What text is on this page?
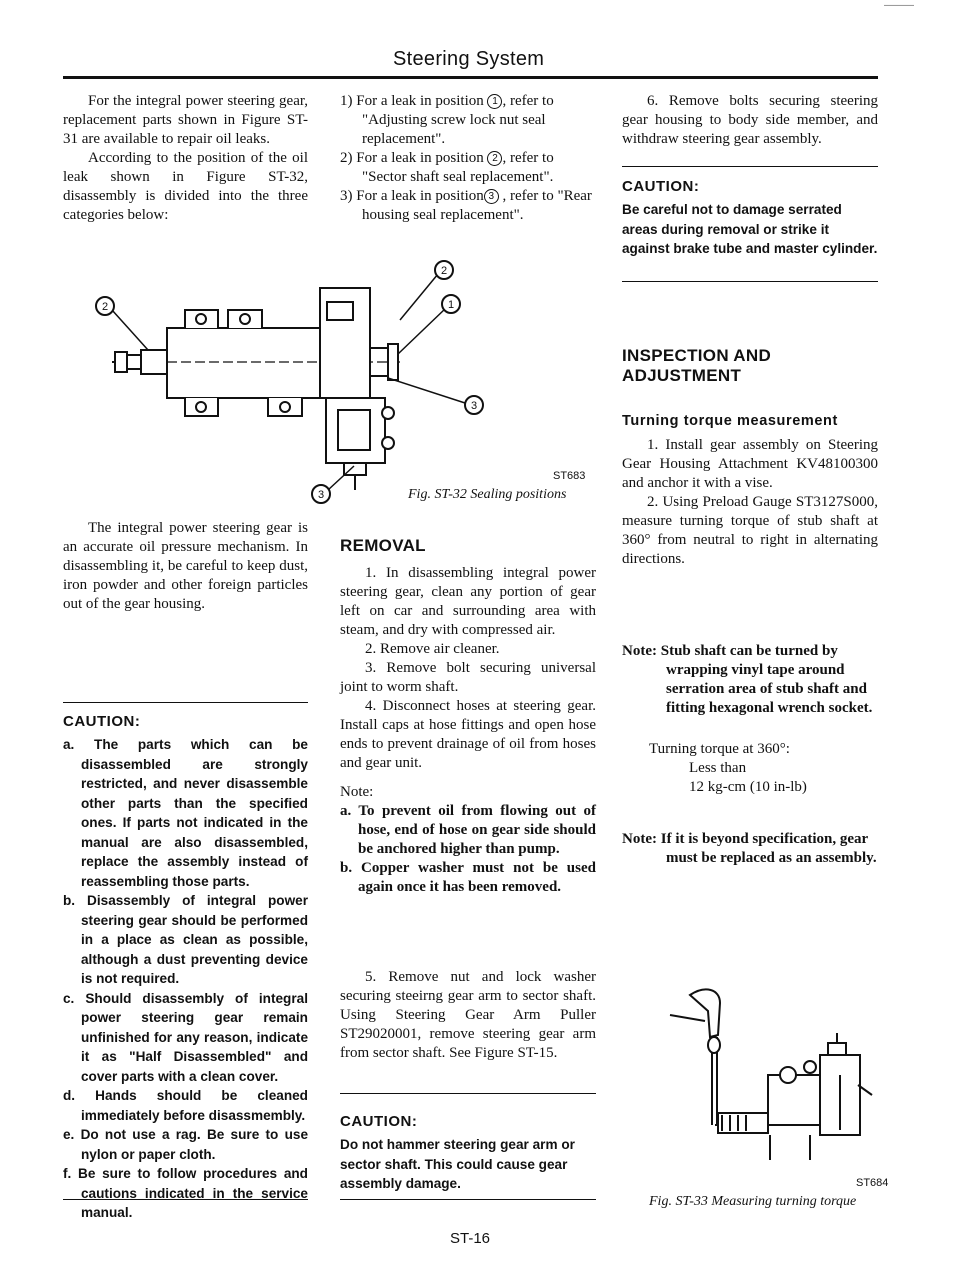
Steering System
———

For the integral power steering gear, replacement parts shown in Figure ST-31 are available to repair oil leaks.

According to the position of the oil leak shown in Figure ST-32, disassembly is divided into the three categories below:

The integral power steering gear is an accurate oil pressure mechanism. In disassembling it, be careful to keep dust, iron powder and other foreign particles out of the gear housing.

CAUTION:

a. The parts which can be disassembled are strongly restricted, and never disassemble other parts than the specified ones. If parts not indicated in the manual are also disassembled, replace the assembly instead of reassembling those parts.

b. Disassembly of integral power steering gear should be performed in a place as clean as possible, although a dust preventing device is not required.

c. Should disassembly of integral power steering gear remain unfinished for any reason, indicate it as "Half Disassembled" and cover parts with a clean cover.

d. Hands should be cleaned immediately before disassmembly.

e. Do not use a rag. Be sure to use nylon or paper cloth.

f. Be sure to follow procedures and cautions indicated in the service manual.

2
2
1
3
3

1) For a leak in position 1 , refer to "Adjusting screw lock nut seal replacement".

2) For a leak in position 2 , refer to "Sector shaft seal replacement".

3) For a leak in position 3 , refer to "Rear housing seal replacement".

ST683
Fig. ST-32 Sealing positions
REMOVAL

1. In disassembling integral power steering gear, clean any portion of gear left on car and surrounding area with steam, and dry with compressed air.

2. Remove air cleaner.

3. Remove bolt securing universal joint to worm shaft.

4. Disconnect hoses at steering gear. Install caps at hose fittings and open hose ends to prevent drainage of oil from hoses and gear unit.

Note:

a. To prevent oil from flowing out of hose, end of hose on gear side should be anchored higher than pump.

b. Copper washer must not be used again once it has been removed.

5. Remove nut and lock washer securing steeirng gear arm to sector shaft. Using Steering Gear Arm Puller ST29020001, remove steering gear arm from sector shaft. See Figure ST-15.

CAUTION:
Do not hammer steering gear arm or sector shaft. This could cause gear assembly damage.

6. Remove bolts securing steering gear housing to body side member, and withdraw steering gear assembly.

CAUTION:
Be careful not to damage serrated areas during removal or strike it against brake tube and master cylinder.
INSPECTION AND
ADJUSTMENT
Turning torque measurement

1. Install gear assembly on Steering Gear Housing Attachment KV48100300 and anchor it with a vise.

2. Using Preload Gauge ST3127S000, measure turning torque of stub shaft at 360° from neutral to right in alternating directions.

Note: Stub shaft can be turned by wrapping vinyl tape around serration area of stub shaft and fitting hexagonal wrench socket.

Turning torque at 360°:

Less than

12 kg-cm (10 in-lb)

Note: If it is beyond specification, gear must be replaced as an assembly.

ST684
Fig. ST-33 Measuring turning torque
ST-16
